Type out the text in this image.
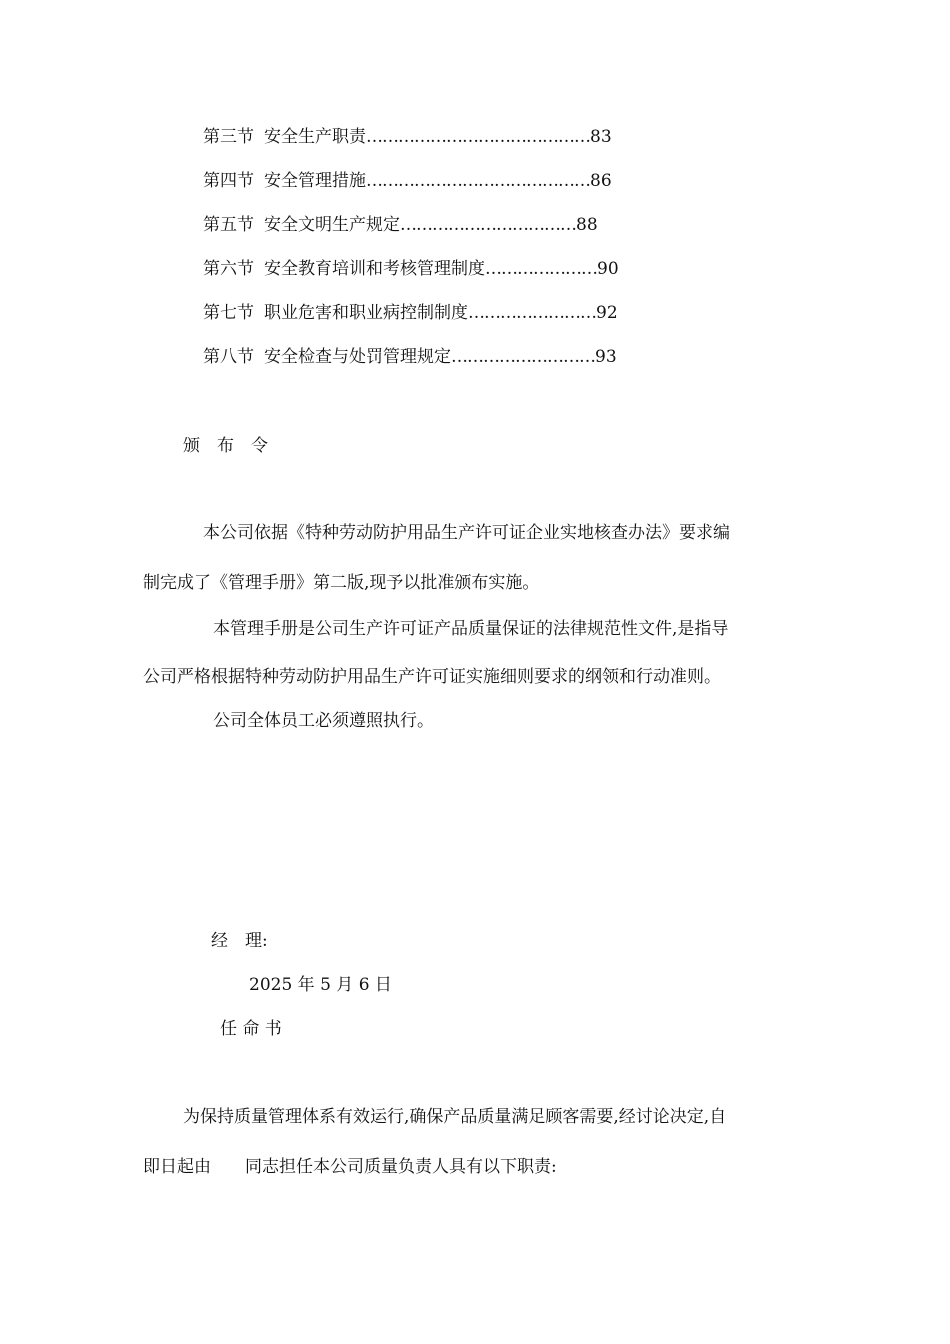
第三节 安全生产职责……………………………………83
第四节 安全管理措施……………………………………86
第五节 安全文明生产规定……………………………88
第六节 安全教育培训和考核管理制度…………………90
第七节 职业危害和职业病控制制度……………………92
第八节 安全检查与处罚管理规定………………………93
颁　布　令
本公司依据《特种劳动防护用品生产许可证企业实地核查办法》要求编
制完成了《管理手册》第二版,现予以批准颁布实施。
本管理手册是公司生产许可证产品质量保证的法律规范性文件,是指导
公司严格根据特种劳动防护用品生产许可证实施细则要求的纲领和行动准则。
公司全体员工必须遵照执行。
经　理:
2025 年 5 月 6 日
任 命 书
为保持质量管理体系有效运行,确保产品质量满足顾客需要,经讨论决定,自
即日起由　　同志担任本公司质量负责人具有以下职责:
